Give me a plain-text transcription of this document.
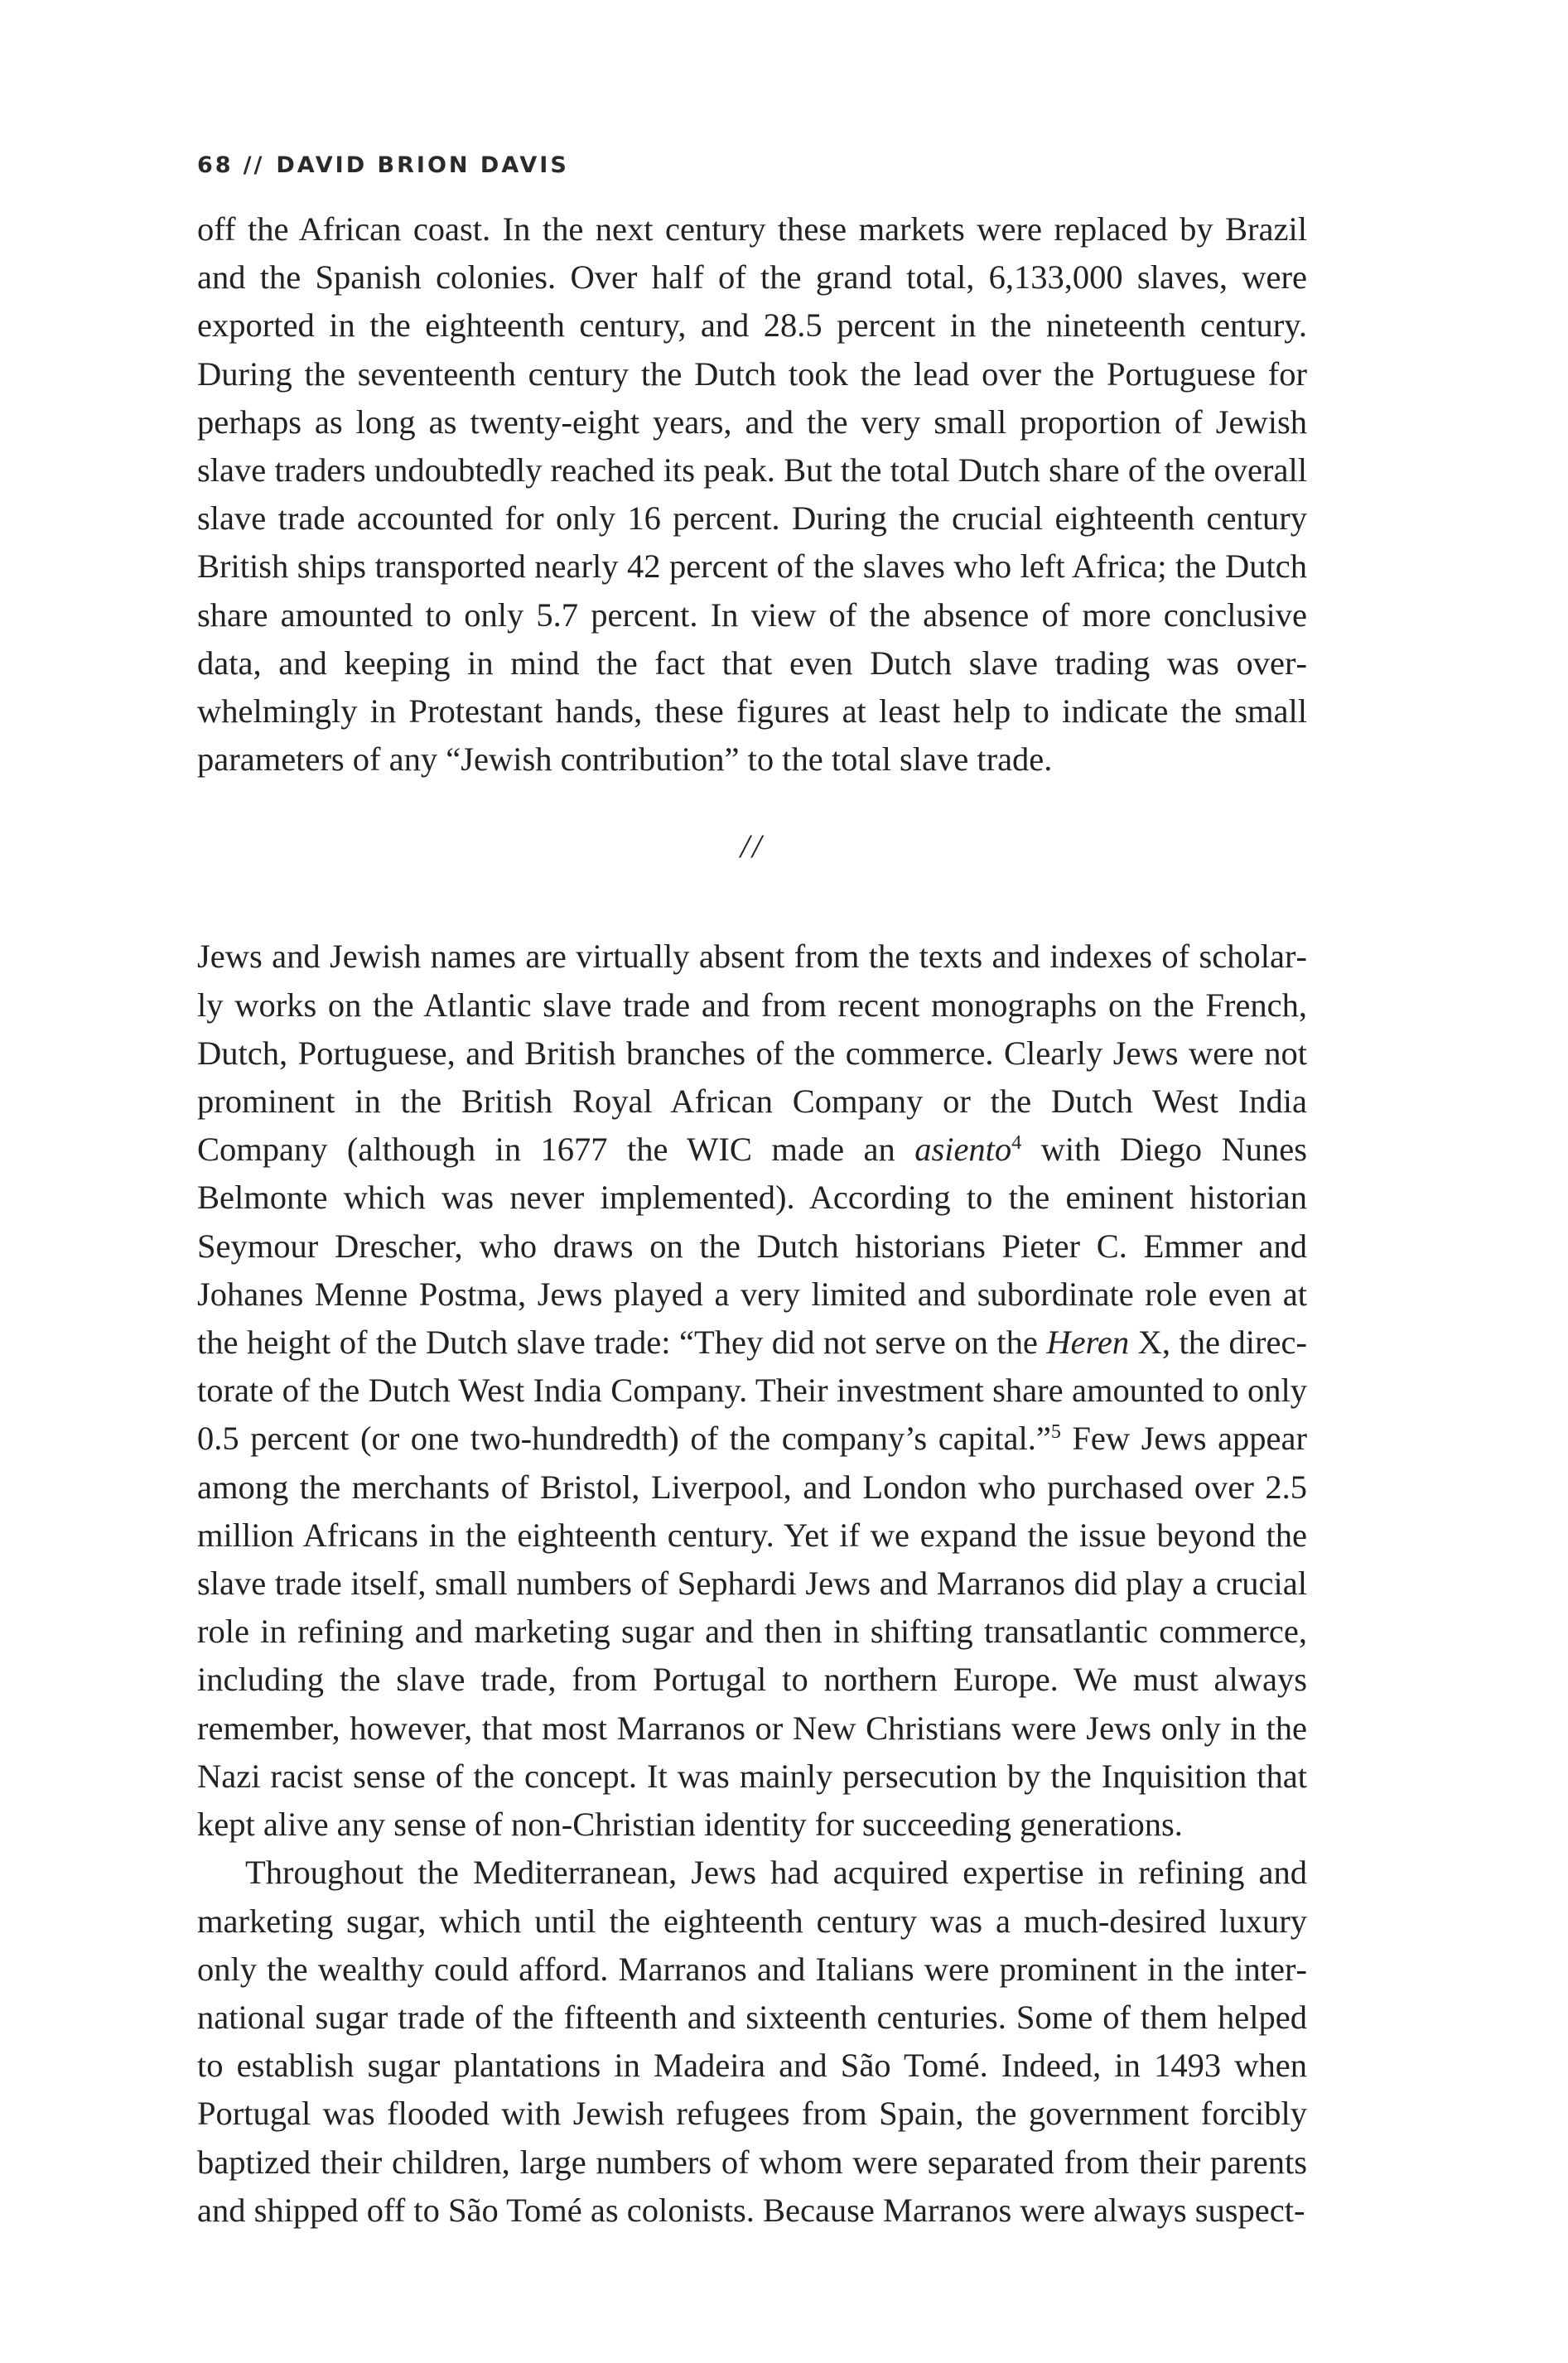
68 // DAVID BRION DAVIS

off the African coast. In the next century these markets were replaced by Brazil and the Spanish colonies. Over half of the grand total, 6,133,000 slaves, were exported in the eighteenth century, and 28.5 percent in the nineteenth century. During the seventeenth century the Dutch took the lead over the Portuguese for perhaps as long as twenty-eight years, and the very small proportion of Jewish slave traders undoubtedly reached its peak. But the total Dutch share of the overall slave trade accounted for only 16 percent. During the crucial eighteenth century British ships transported nearly 42 percent of the slaves who left Africa; the Dutch share amounted to only 5.7 percent. In view of the absence of more conclusive data, and keeping in mind the fact that even Dutch slave trading was overwhelmingly in Protestant hands, these figures at least help to indicate the small parameters of any “Jewish contribution” to the total slave trade.

//

Jews and Jewish names are virtually absent from the texts and indexes of scholarly works on the Atlantic slave trade and from recent monographs on the French, Dutch, Portuguese, and British branches of the commerce. Clearly Jews were not prominent in the British Royal African Company or the Dutch West India Company (although in 1677 the WIC made an asiento$^4$ with Diego Nunes Belmonte which was never implemented). According to the eminent historian Seymour Drescher, who draws on the Dutch historians Pieter C. Emmer and Johanes Menne Postma, Jews played a very limited and subordinate role even at the height of the Dutch slave trade: “They did not serve on the Heren X, the directorate of the Dutch West India Company. Their investment share amounted to only 0.5 percent (or one two-hundredth) of the company’s capital.”$^5$ Few Jews appear among the merchants of Bristol, Liverpool, and London who purchased over 2.5 million Africans in the eighteenth century. Yet if we expand the issue beyond the slave trade itself, small numbers of Sephardi Jews and Marranos did play a crucial role in refining and marketing sugar and then in shifting transatlantic commerce, including the slave trade, from Portugal to northern Europe. We must always remember, however, that most Marranos or New Christians were Jews only in the Nazi racist sense of the concept. It was mainly persecution by the Inquisition that kept alive any sense of non-Christian identity for succeeding generations.

Throughout the Mediterranean, Jews had acquired expertise in refining and marketing sugar, which until the eighteenth century was a much-desired luxury only the wealthy could afford. Marranos and Italians were prominent in the international sugar trade of the fifteenth and sixteenth centuries. Some of them helped to establish sugar plantations in Madeira and São Tomé. Indeed, in 1493 when Portugal was flooded with Jewish refugees from Spain, the government forcibly baptized their children, large numbers of whom were separated from their parents and shipped off to São Tomé as colonists. Because Marranos were always suspect-
